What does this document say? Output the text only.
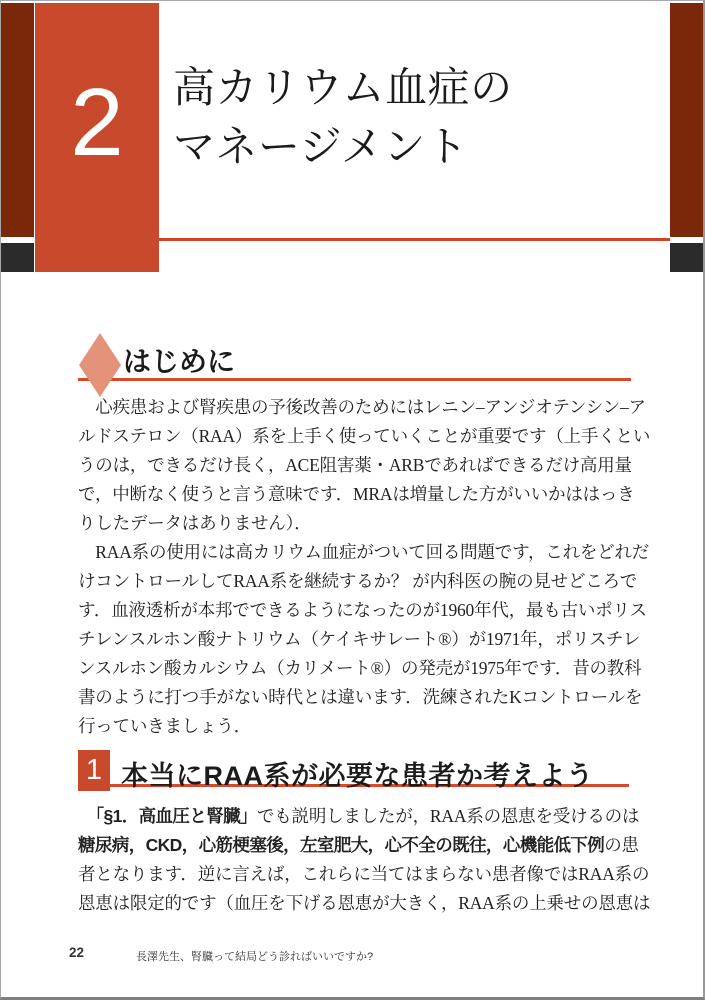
2 高カリウム血症の
マネージメント
はじめに
　心疾患および腎疾患の予後改善のためにはレニン–アンジオテンシン–ア
ルドステロン（RAA）系を上手く使っていくことが重要です（上手くとい
うのは，できるだけ長く，ACE阻害薬・ARBであればできるだけ高用量
で，中断なく使うと言う意味です．MRAは増量した方がいいかははっき
りしたデータはありません）．
　RAA系の使用には高カリウム血症がついて回る問題です，これをどれだ
けコントロールしてRAA系を継続するか？ が内科医の腕の見せどころで
す．血液透析が本邦でできるようになったのが1960年代，最も古いポリス
チレンスルホン酸ナトリウム（ケイキサレート®）が1971年，ポリスチレ
ンスルホン酸カルシウム（カリメート®）の発売が1975年です．昔の教科
書のように打つ手がない時代とは違います．洗練されたKコントロールを
行っていきましょう．
1 本当にRAA系が必要な患者か考えよう
　「§1．高血圧と腎臓」でも説明しましたが，RAA系の恩恵を受けるのは
糖尿病，CKD，心筋梗塞後，左室肥大，心不全の既往，心機能低下例の患
者となります．逆に言えば，これらに当てはまらない患者像ではRAA系の
恩恵は限定的です（血圧を下げる恩恵が大きく，RAA系の上乗せの恩恵は
22	長澤先生、腎臓って結局どう診ればいいですか?
